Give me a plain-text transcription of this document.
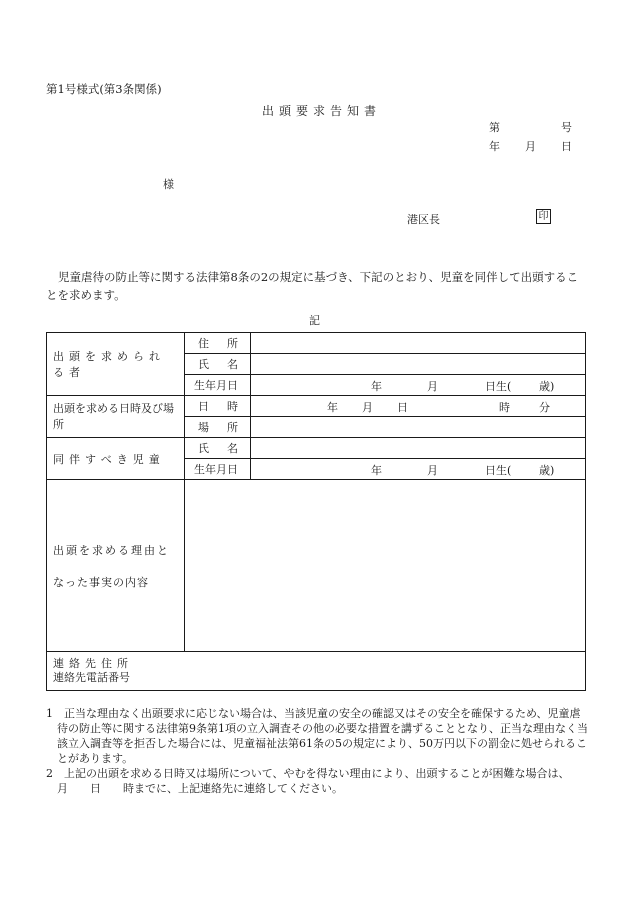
第1号様式(第3条関係)
出頭要求告知書
第	号
年 月 日
様
港区長	印
児童虐待の防止等に関する法律第8条の2の規定に基づき、下記のとおり、児童を同伴して出頭することを求めます。
記
出頭を求められる者	住 所	

	氏 名	

	生年月日	年 月 日生( 歳)

出頭を求める日時及び場所	日 時	年 月 日 時 分

	場 所	

同伴すべき児童	氏 名	

	生年月日	年 月 日生( 歳)

出頭を求める理由と
なった事実の内容		

連絡先住所
連絡先電話番号		
1　正当な理由なく出頭要求に応じない場合は、当該児童の安全の確認又はその安全を確保するため、児童虐待の防止等に関する法律第9条第1項の立入調査その他の必要な措置を講ずることとなり、正当な理由なく当該立入調査等を拒否した場合には、児童福祉法第61条の5の規定により、50万円以下の罰金に処せられることがあります。
2　上記の出頭を求める日時又は場所について、やむを得ない理由により、出頭することが困難な場合は、　　月　　日　　時までに、上記連絡先に連絡してください。
